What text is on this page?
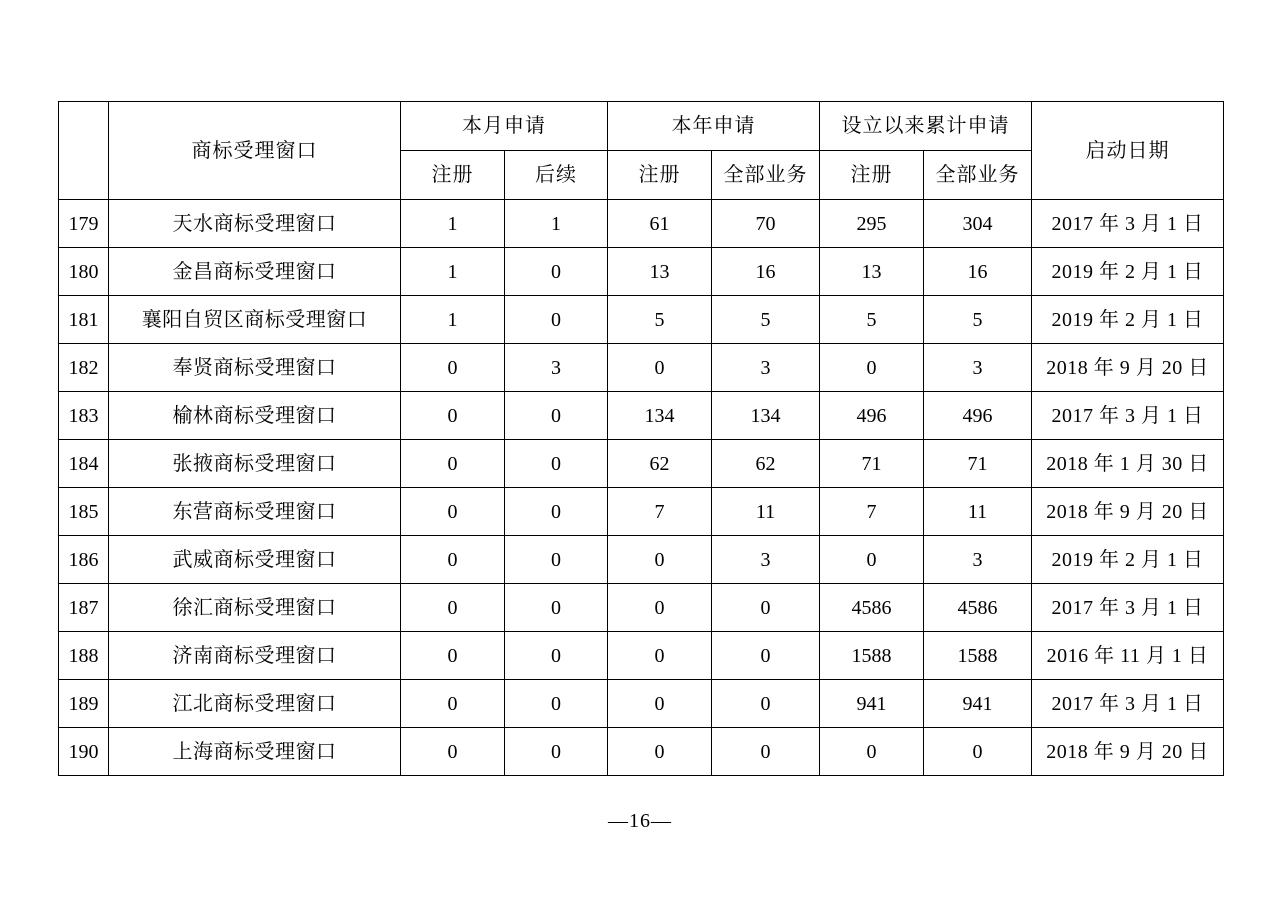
	商标受理窗口	本月申请		本年申请		设立以来累计申请		启动日期
		注册	后续	注册	全部业务	注册	全部业务	
179	天水商标受理窗口	1	1	61	70	295	304	2017 年 3 月 1 日
180	金昌商标受理窗口	1	0	13	16	13	16	2019 年 2 月 1 日
181	襄阳自贸区商标受理窗口	1	0	5	5	5	5	2019 年 2 月 1 日
182	奉贤商标受理窗口	0	3	0	3	0	3	2018 年 9 月 20 日
183	榆林商标受理窗口	0	0	134	134	496	496	2017 年 3 月 1 日
184	张掖商标受理窗口	0	0	62	62	71	71	2018 年 1 月 30 日
185	东营商标受理窗口	0	0	7	11	7	11	2018 年 9 月 20 日
186	武威商标受理窗口	0	0	0	3	0	3	2019 年 2 月 1 日
187	徐汇商标受理窗口	0	0	0	0	4586	4586	2017 年 3 月 1 日
188	济南商标受理窗口	0	0	0	0	1588	1588	2016 年 11 月 1 日
189	江北商标受理窗口	0	0	0	0	941	941	2017 年 3 月 1 日
190	上海商标受理窗口	0	0	0	0	0	0	2018 年 9 月 20 日
—16—
